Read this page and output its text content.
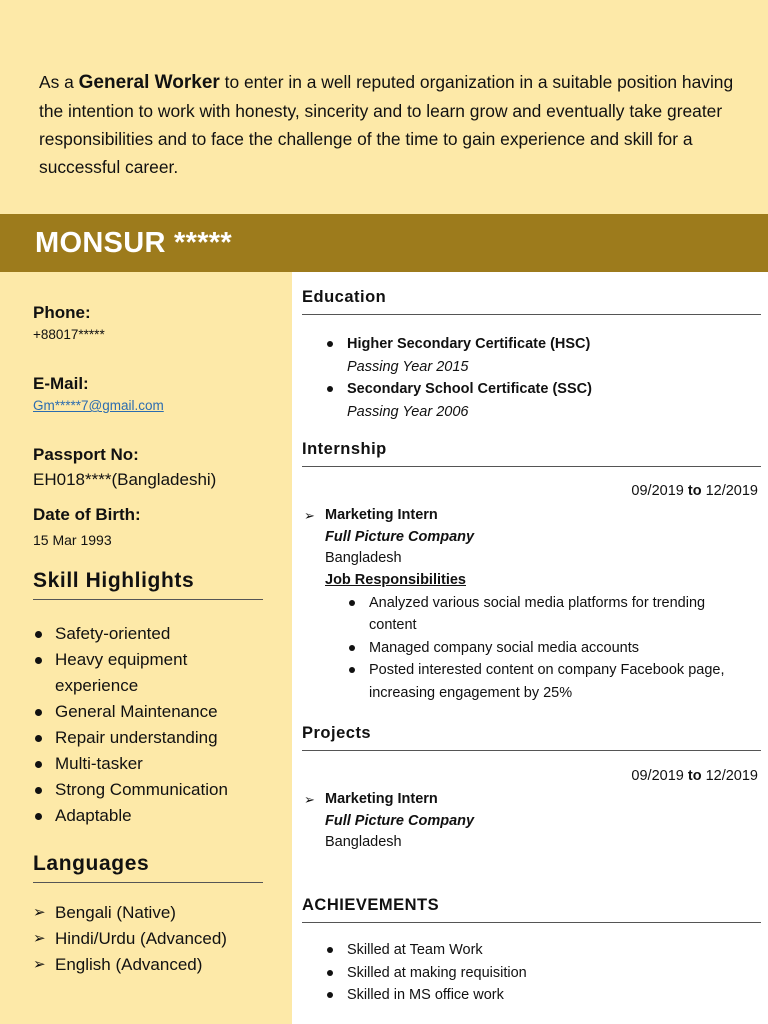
As a General Worker to enter in a well reputed organization in a suitable position having the intention to work with honesty, sincerity and to learn grow and eventually take greater responsibilities and to face the challenge of the time to gain experience and skill for a successful career.

MONSUR *****
Phone:
+88017*****
E-Mail:
Gm*****7@gmail.com
Passport No:
EH018****(Bangladeshi)
Date of Birth:
15 Mar 1993
Skill Highlights
Safety-oriented
Heavy equipment experience
General Maintenance
Repair understanding
Multi-tasker
Strong Communication
Adaptable
Languages
➢ Bengali (Native)
➢ Hindi/Urdu (Advanced)
➢ English (Advanced)
Education
Higher Secondary Certificate (HSC)
Passing Year 2015
Secondary School Certificate (SSC)
Passing Year 2006
Internship
09/2019 to 12/2019
➢ Marketing Intern
Full Picture Company
Bangladesh
Job Responsibilities
Analyzed various social media platforms for trending content
Managed company social media accounts
Posted interested content on company Facebook page, increasing engagement by 25%
Projects
09/2019 to 12/2019
➢ Marketing Intern
Full Picture Company
Bangladesh
ACHIEVEMENTS
Skilled at Team Work
Skilled at making requisition
Skilled in MS office work
